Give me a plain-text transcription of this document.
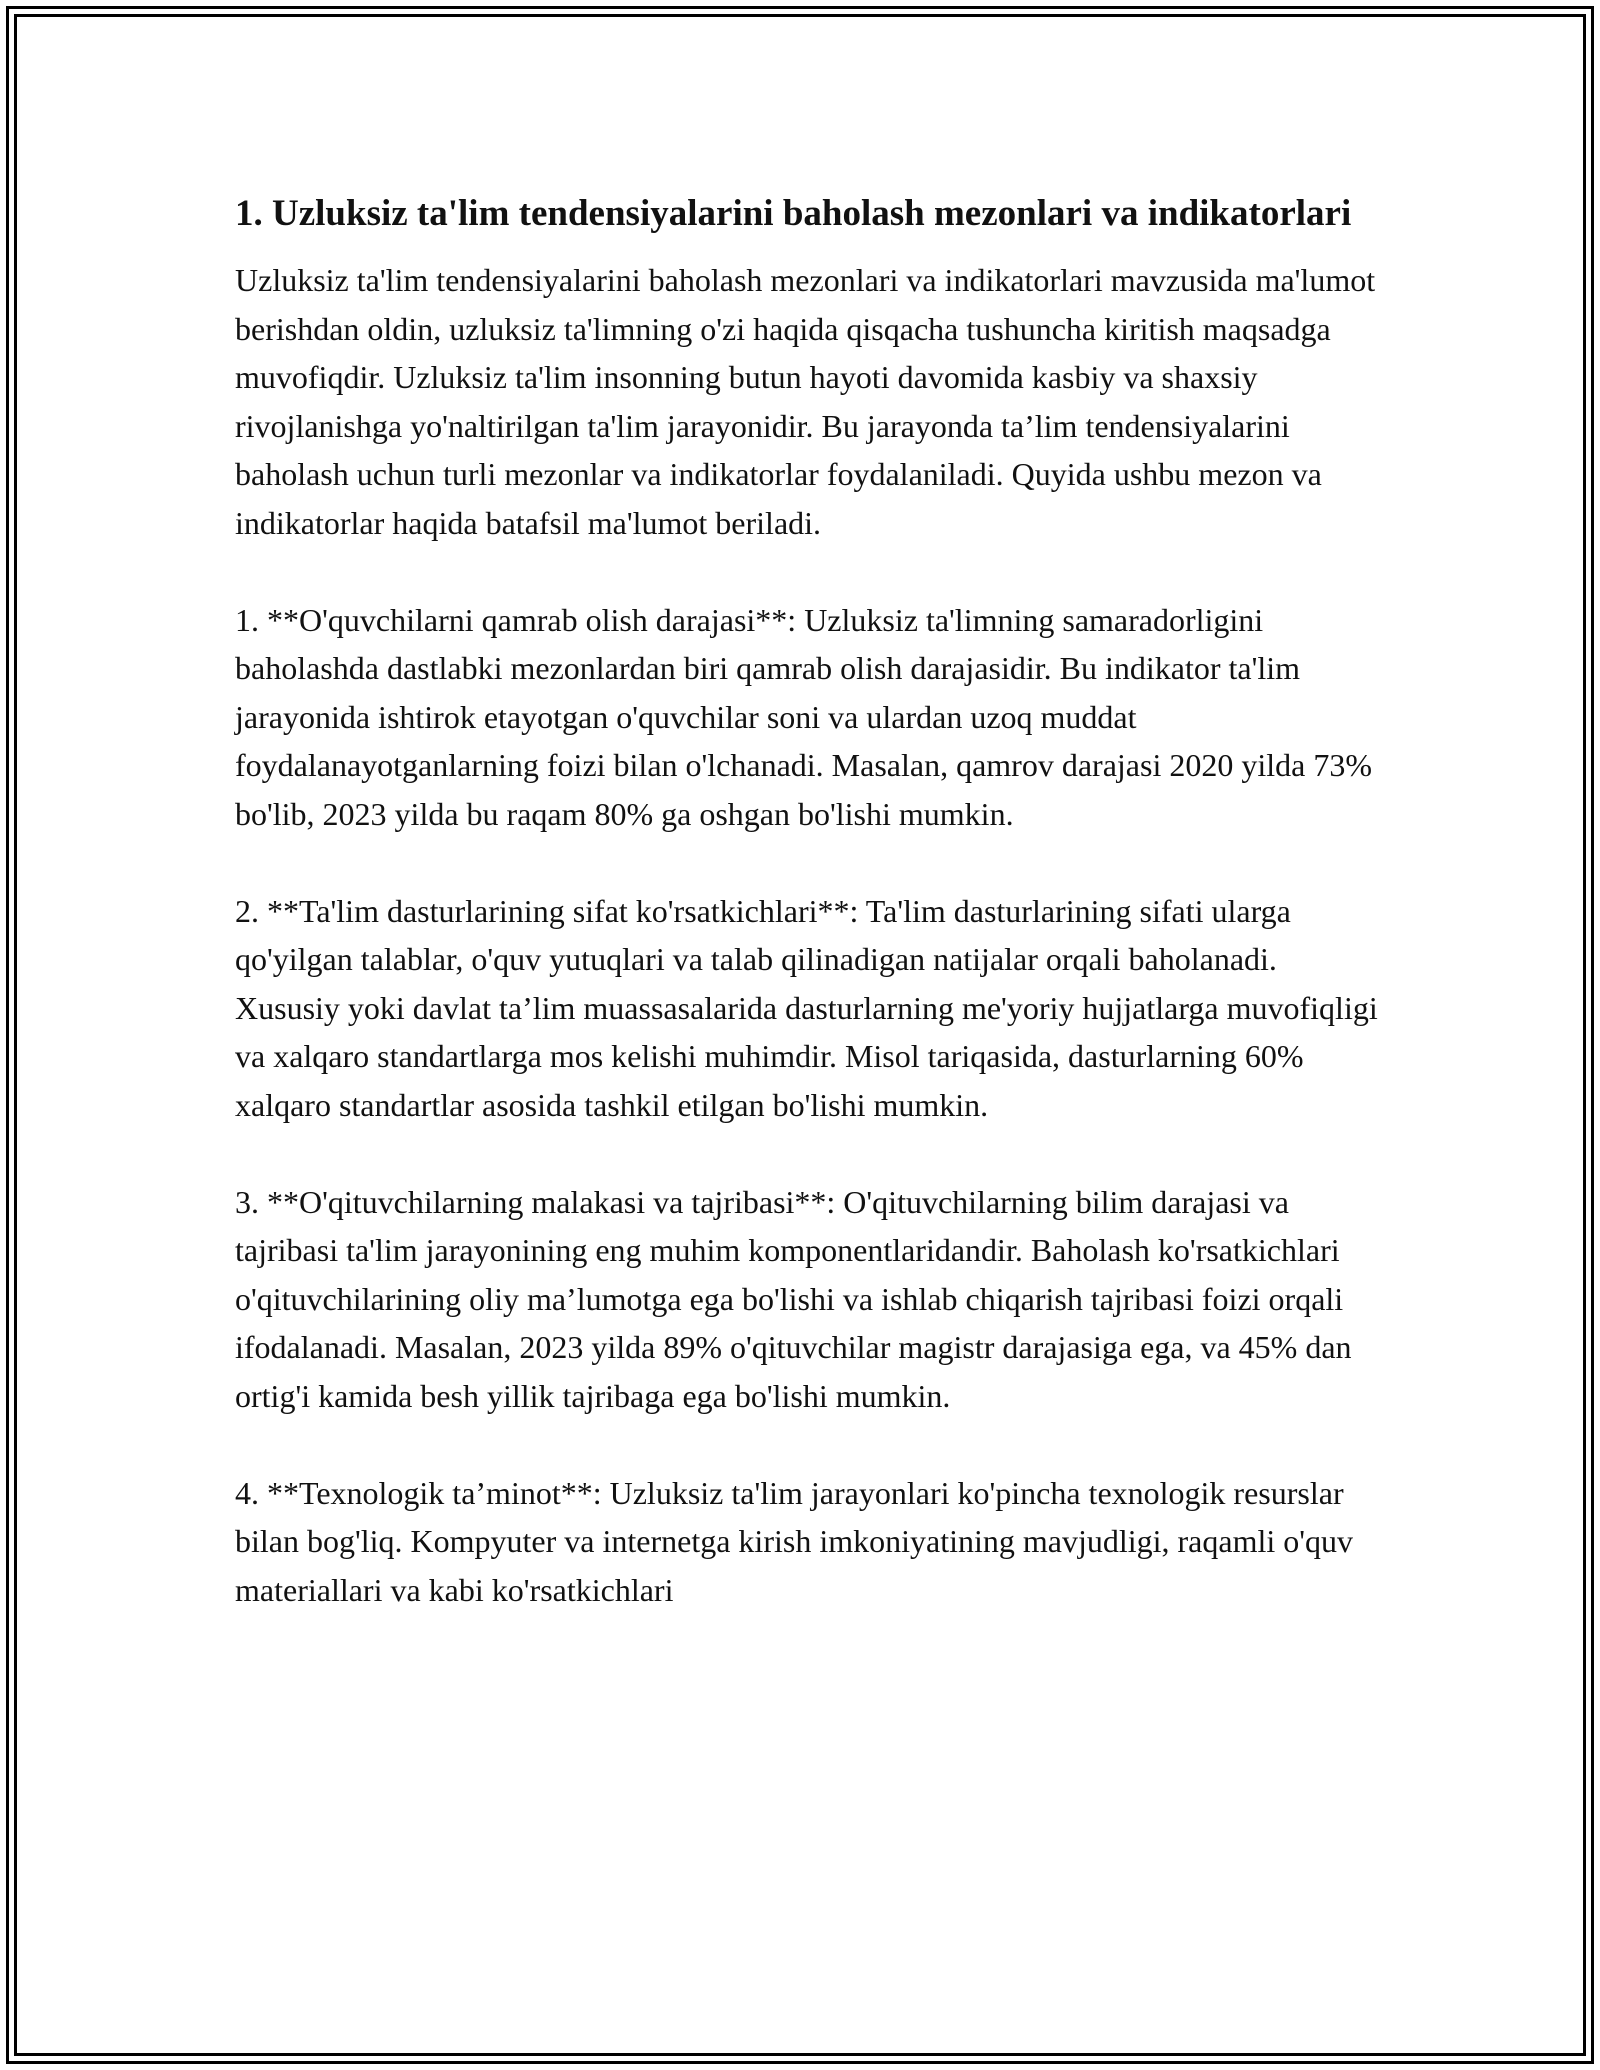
1. Uzluksiz ta'lim tendensiyalarini baholash mezonlari va indikatorlari

Uzluksiz ta'lim tendensiyalarini baholash mezonlari va indikatorlari mavzusida ma'lumot berishdan oldin, uzluksiz ta'limning o'zi haqida qisqacha tushuncha kiritish maqsadga muvofiqdir. Uzluksiz ta'lim insonning butun hayoti davomida kasbiy va shaxsiy rivojlanishga yo'naltirilgan ta'lim jarayonidir. Bu jarayonda ta’lim tendensiyalarini baholash uchun turli mezonlar va indikatorlar foydalaniladi. Quyida ushbu mezon va indikatorlar haqida batafsil ma'lumot beriladi.

1. **O'quvchilarni qamrab olish darajasi**: Uzluksiz ta'limning samaradorligini baholashda dastlabki mezonlardan biri qamrab olish darajasidir. Bu indikator ta'lim jarayonida ishtirok etayotgan o'quvchilar soni va ulardan uzoq muddat foydalanayotganlarning foizi bilan o'lchanadi. Masalan, qamrov darajasi 2020 yilda 73% bo'lib, 2023 yilda bu raqam 80% ga oshgan bo'lishi mumkin.

2. **Ta'lim dasturlarining sifat ko'rsatkichlari**: Ta'lim dasturlarining sifati ularga qo'yilgan talablar, o'quv yutuqlari va talab qilinadigan natijalar orqali baholanadi. Xususiy yoki davlat ta’lim muassasalarida dasturlarning me'yoriy hujjatlarga muvofiqligi va xalqaro standartlarga mos kelishi muhimdir. Misol tariqasida, dasturlarning 60% xalqaro standartlar asosida tashkil etilgan bo'lishi mumkin.

3. **O'qituvchilarning malakasi va tajribasi**: O'qituvchilarning bilim darajasi va tajribasi ta'lim jarayonining eng muhim komponentlaridandir. Baholash ko'rsatkichlari o'qituvchilarining oliy ma’lumotga ega bo'lishi va ishlab chiqarish tajribasi foizi orqali ifodalanadi. Masalan, 2023 yilda 89% o'qituvchilar magistr darajasiga ega, va 45% dan ortig'i kamida besh yillik tajribaga ega bo'lishi mumkin.

4. **Texnologik ta’minot**: Uzluksiz ta'lim jarayonlari ko'pincha texnologik resurslar bilan bog'liq. Kompyuter va internetga kirish imkoniyatining mavjudligi, raqamli o'quv materiallari va kabi ko'rsatkichlari
